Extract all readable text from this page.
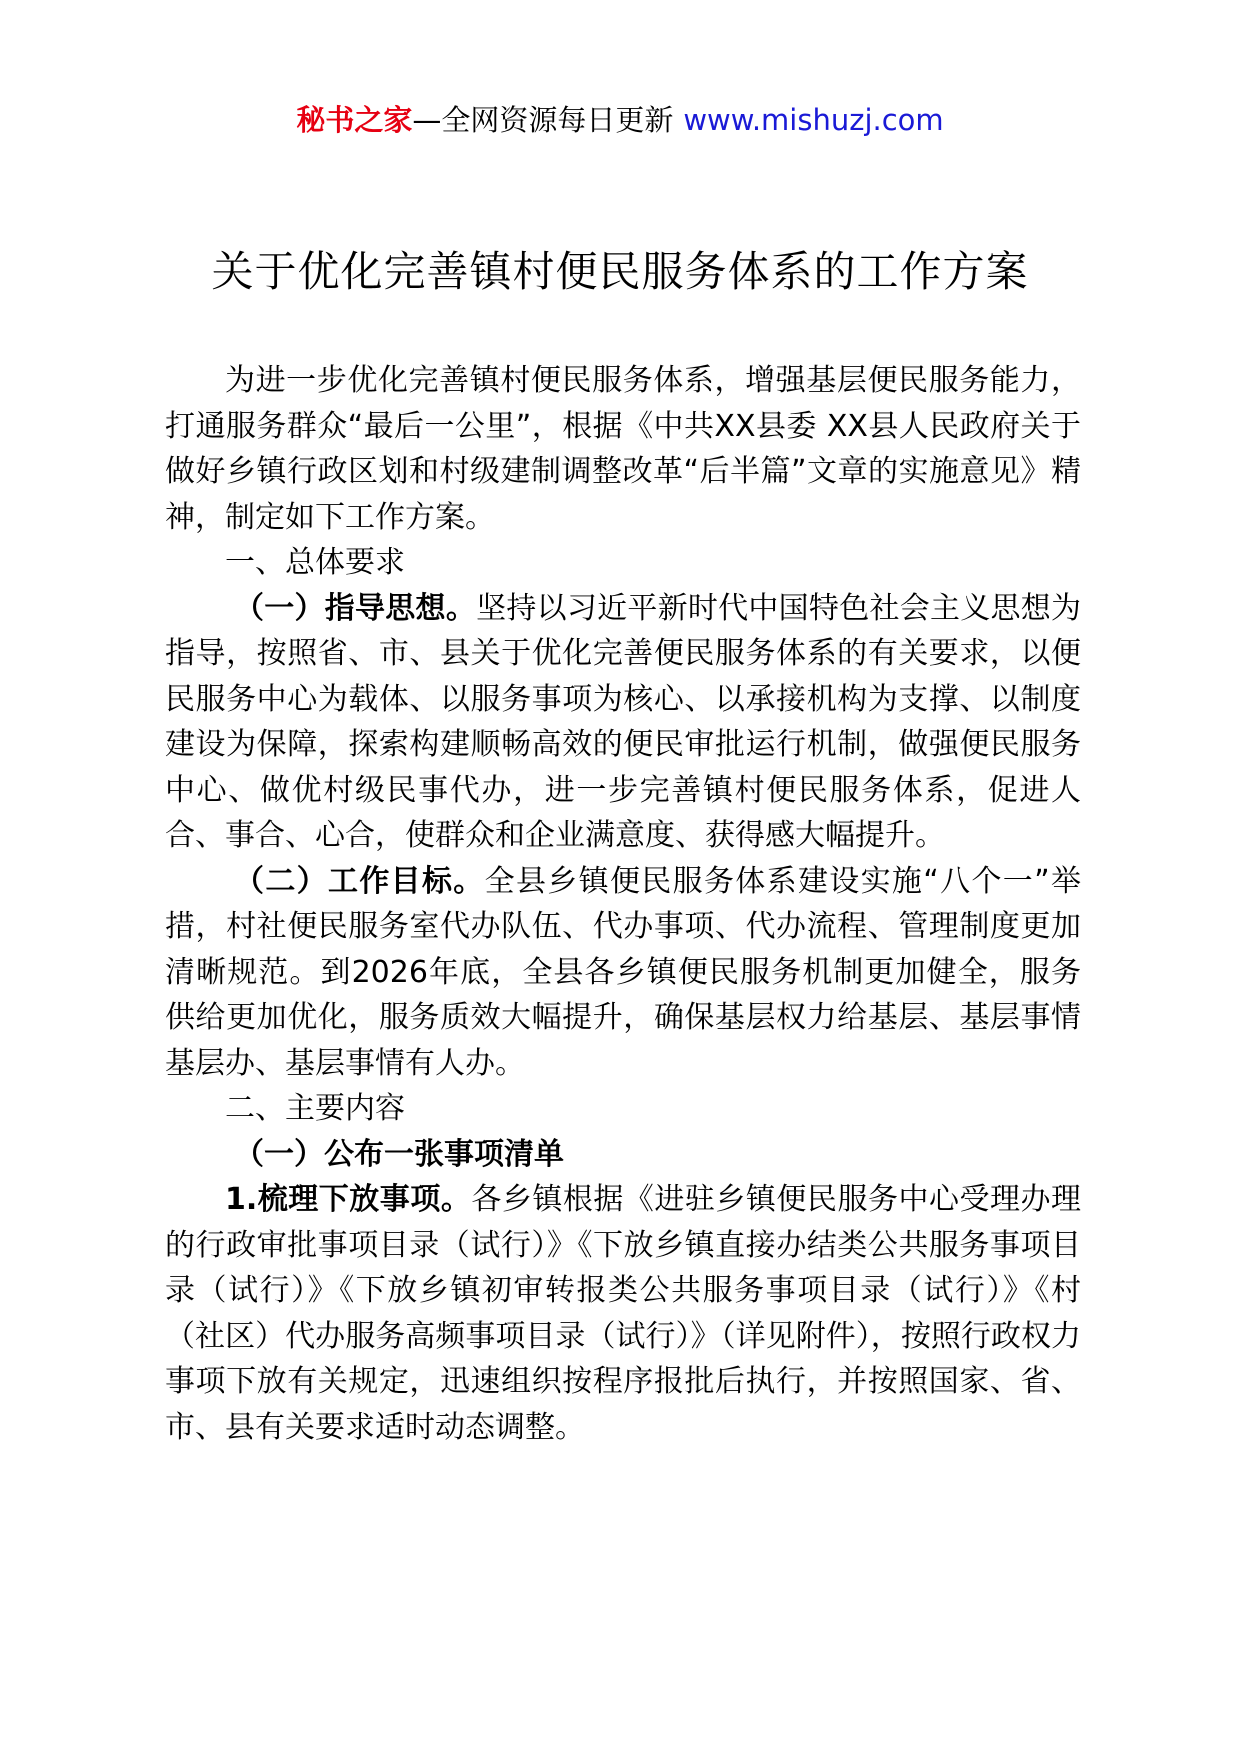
秘书之家—全网资源每日更新 www.mishuzj.com
关于优化完善镇村便民服务体系的工作方案

为进一步优化完善镇村便民服务体系，增强基层便民服务能力，打通服务群众“最后一公里”，根据《中共XX县委 XX县人民政府关于做好乡镇行政区划和村级建制调整改革“后半篇”文章的实施意见》精神，制定如下工作方案。

一、总体要求

（一）指导思想。坚持以习近平新时代中国特色社会主义思想为指导，按照省、市、县关于优化完善便民服务体系的有关要求，以便民服务中心为载体、以服务事项为核心、以承接机构为支撑、以制度建设为保障，探索构建顺畅高效的便民审批运行机制，做强便民服务中心、做优村级民事代办，进一步完善镇村便民服务体系，促进人合、事合、心合，使群众和企业满意度、获得感大幅提升。

（二）工作目标。全县乡镇便民服务体系建设实施“八个一”举措，村社便民服务室代办队伍、代办事项、代办流程、管理制度更加清晰规范。到2026年底，全县各乡镇便民服务机制更加健全，服务供给更加优化，服务质效大幅提升，确保基层权力给基层、基层事情基层办、基层事情有人办。

二、主要内容

（一）公布一张事项清单

1.梳理下放事项。各乡镇根据《进驻乡镇便民服务中心受理办理的行政审批事项目录（试行）》《下放乡镇直接办结类公共服务事项目录（试行）》《下放乡镇初审转报类公共服务事项目录（试行）》《村（社区）代办服务高频事项目录（试行）》（详见附件），按照行政权力事项下放有关规定，迅速组织按程序报批后执行，并按照国家、省、市、县有关要求适时动态调整。
